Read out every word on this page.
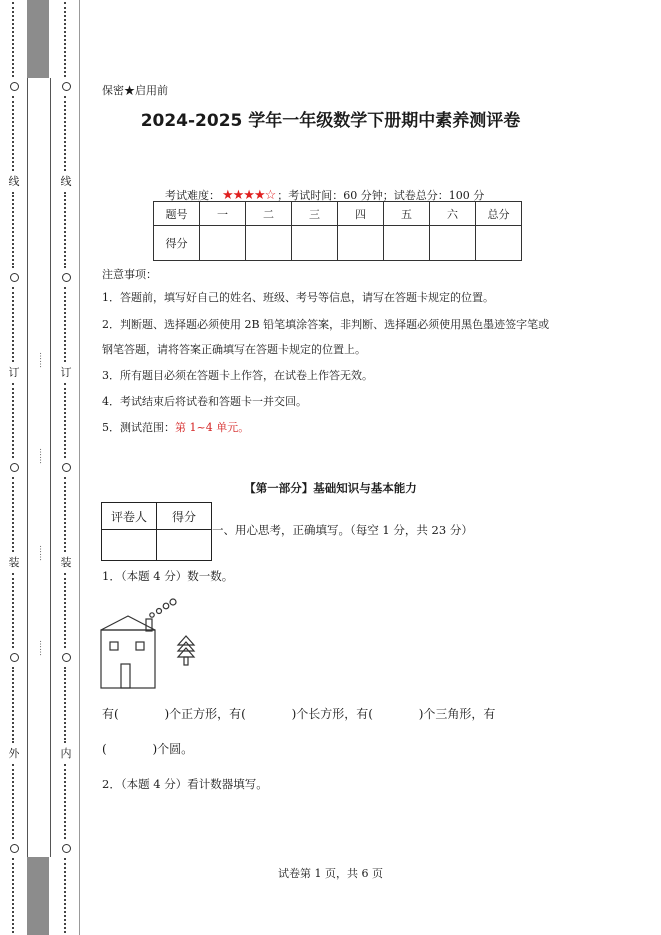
……
……
……
……
线
订
装
外
线
订
装
内
保密★启用前
2024-2025 学年一年级数学下册期中素养测评卷
考试难度： ★★★★☆ ；考试时间：60 分钟；试卷总分：100 分
题号	一	二	三	四	五	六	总分
得分							
注意事项：
1．答题前，填写好自己的姓名、班级、考号等信息，请写在答题卡规定的位置。
2．判断题、选择题必须使用 2B 铅笔填涂答案，非判断、选择题必须使用黑色墨迹签字笔或
钢笔答题，请将答案正确填写在答题卡规定的位置上。
3．所有题目必须在答题卡上作答，在试卷上作答无效。
4．考试结束后将试卷和答题卡一并交回。
5．测试范围：第 1~4 单元。
【第一部分】基础知识与基本能力
评卷人	得分

一、用心思考，正确填写。（每空 1 分，共 23 分）
1．（本题 4 分）数一数。
有(            )个正方形，有(            )个长方形，有(            )个三角形，有
(            )个圆。
2．（本题 4 分）看计数器填写。
试卷第 1 页，共 6 页
